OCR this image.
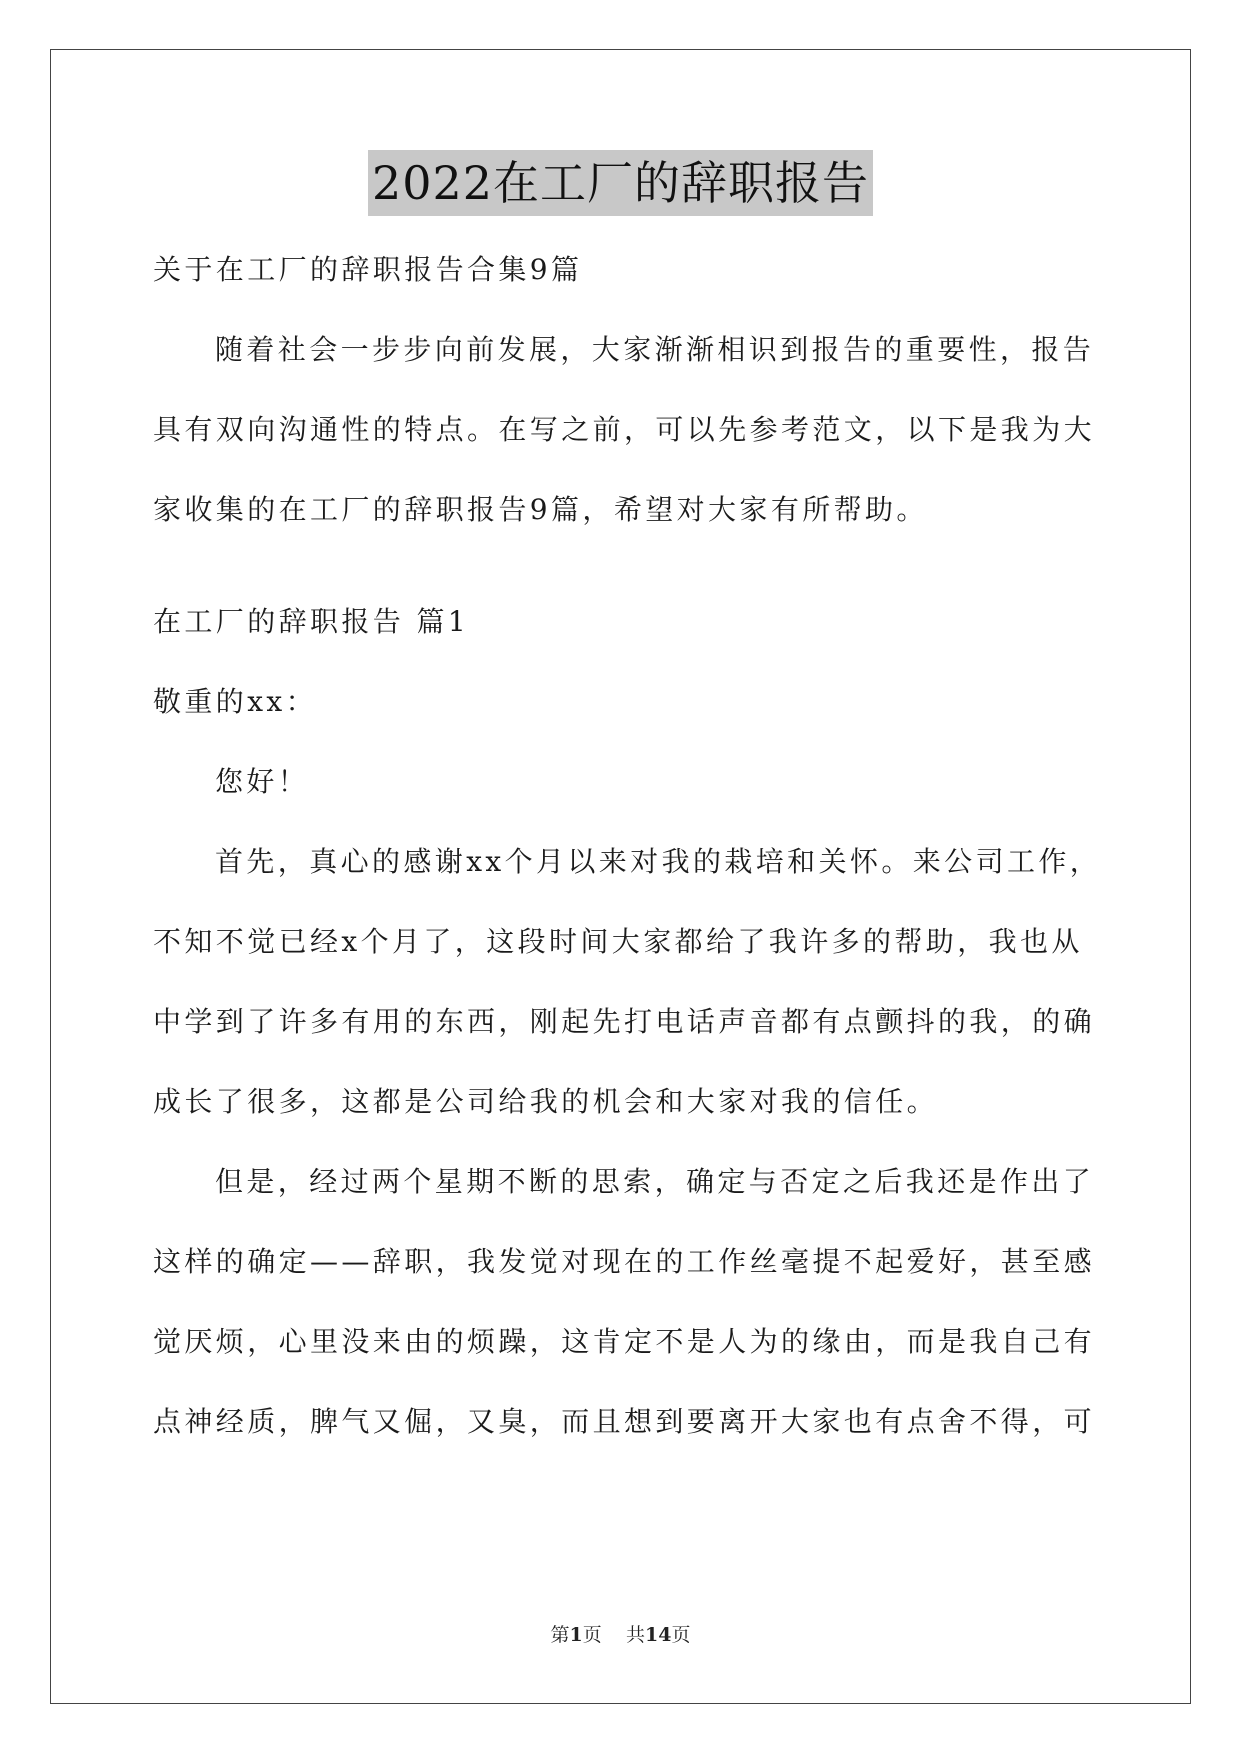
2022在工厂的辞职报告
关于在工厂的辞职报告合集9篇
随着社会一步步向前发展，大家渐渐相识到报告的重要性，报告
具有双向沟通性的特点。在写之前，可以先参考范文，以下是我为大
家收集的在工厂的辞职报告9篇，希望对大家有所帮助。
在工厂的辞职报告 篇1
敬重的xx：
您好！
首先，真心的感谢xx个月以来对我的栽培和关怀。来公司工作，
不知不觉已经x个月了，这段时间大家都给了我许多的帮助，我也从
中学到了许多有用的东西，刚起先打电话声音都有点颤抖的我，的确
成长了很多，这都是公司给我的机会和大家对我的信任。
但是，经过两个星期不断的思索，确定与否定之后我还是作出了
这样的确定——辞职，我发觉对现在的工作丝毫提不起爱好，甚至感
觉厌烦，心里没来由的烦躁，这肯定不是人为的缘由，而是我自己有
点神经质，脾气又倔，又臭，而且想到要离开大家也有点舍不得，可
第1页 共14页
